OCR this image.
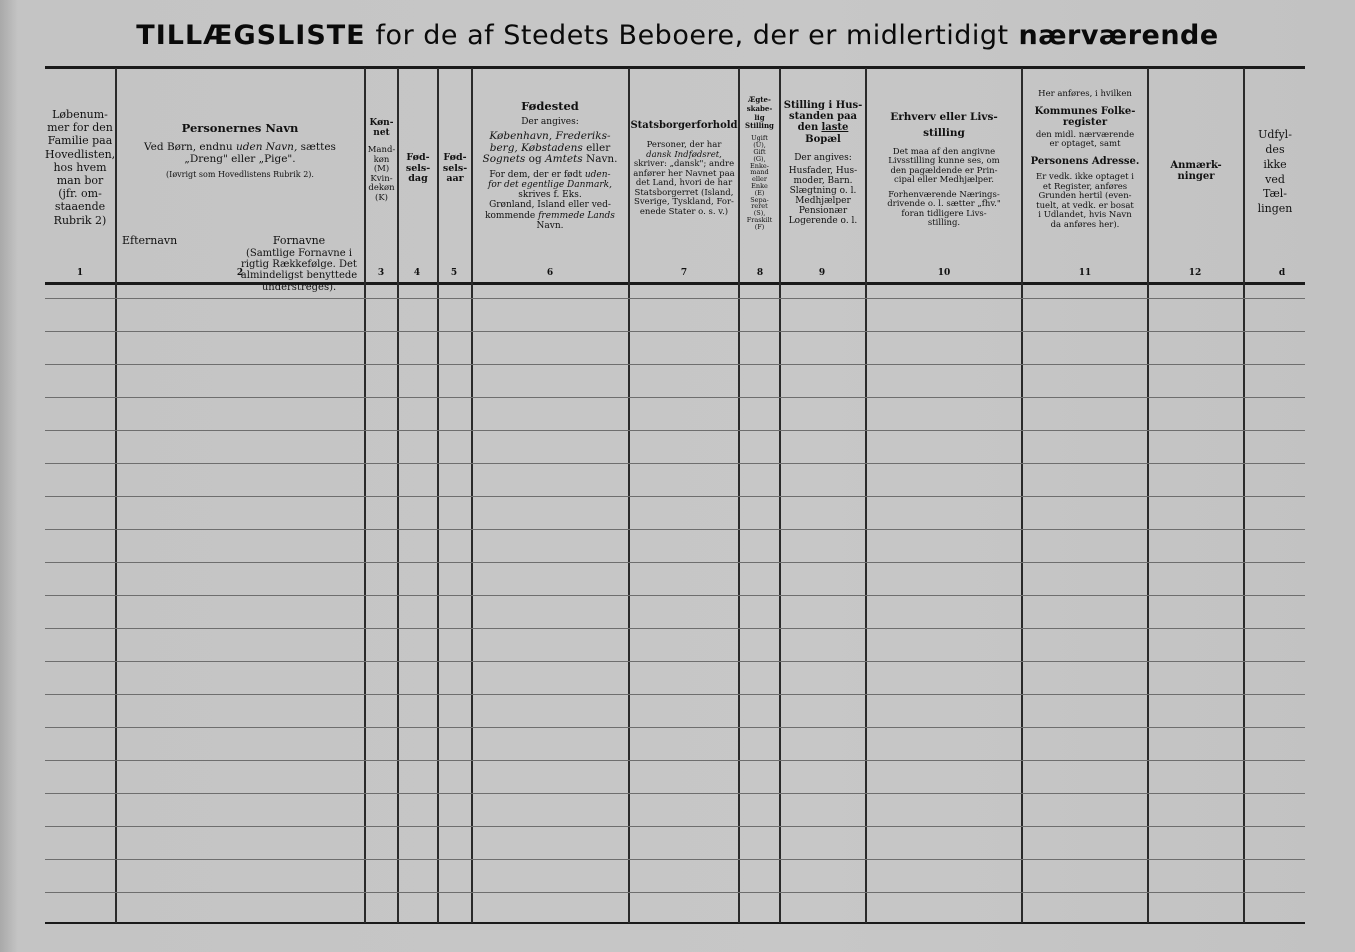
TILLÆGSLISTE for de af Stedets Beboere, der er midlertidigt nærværende
Løbenum-
mer for den
Familie paa
Hovedlisten,
hos hvem
man bor
(jfr. om-
staaende
Rubrik 2)
1
Personernes Navn
Ved Børn, endnu uden Navn, sættes
„Dreng" eller „Pige".
(Iøvrigt som Hovedlistens Rubrik 2).
Efternavn	Fornavne
(Samtlige Fornavne i rigtig Rækkefølge. Det almindeligst benyttede understreges).
2
Køn-
net
Mand-
køn
(M)
Kvin-
dekøn
(K)
3
Fød-
sels-
dag
4
Fød-
sels-
aar
5
Fødested
Der angives:
København, Frederiks-
berg, Købstadens eller Sognets og Amtets Navn.
For dem, der er født uden-
for det egentlige Danmark,
skrives f. Eks.
Grønland, Island eller ved-
kommende fremmede Lands Navn.
6
Statsborgerforhold
Personer, der har
dansk Indfødsret,
skriver: „dansk"; andre
anfører her Navnet paa
det Land, hvori de har
Statsborgerret (Island,
Sverige, Tyskland, For-
enede Stater o. s. v.)
7
Ægte-
skabe-
lig
Stilling
Ugift
(U),
Gift
(G),
Enke-
mand
eller
Enke
(E)
Sepa-
reret
(S),
Fraskilt
(F)
8
Stilling i Hus-
standen paa
den laste
Bopæl
Der angives:
Husfader, Hus-
moder, Barn.
Slægtning o. l.
Medhjælper
Pensionær
Logerende o. l.
9
Erhverv eller Livs-
stilling
Det maa af den angivne
Livsstilling kunne ses, om
den pagældende er Prin-
cipal eller Medhjælper.
Forhenværende Nærings-
drivende o. l. sætter „fhv."
foran tidligere Livs-
stilling.
10
Her anføres, i hvilken
Kommunes Folke-
register
den midl. nærværende
er optaget, samt
Personens Adresse.
Er vedk. ikke optaget i
et Register, anføres
Grunden hertil (even-
tuelt, at vedk. er bosat
i Udlandet, hvis Navn
da anføres her).
11
Anmærk-
ninger
12
Udfyl-
des
ikke
ved
Tæl-
lingen
d
